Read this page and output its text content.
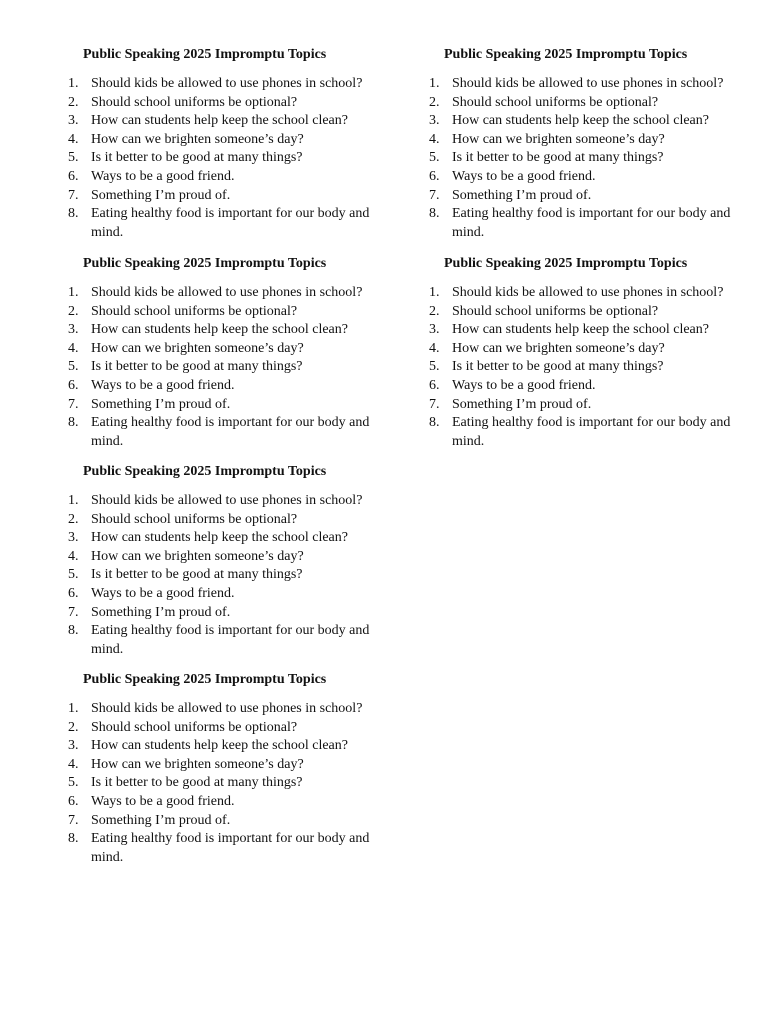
Public Speaking 2025 Impromptu Topics
1. Should kids be allowed to use phones in school?
2. Should school uniforms be optional?
3. How can students help keep the school clean?
4. How can we brighten someone’s day?
5. Is it better to be good at many things?
6. Ways to be a good friend.
7. Something I’m proud of.
8. Eating healthy food is important for our body and mind.
Public Speaking 2025 Impromptu Topics
1. Should kids be allowed to use phones in school?
2. Should school uniforms be optional?
3. How can students help keep the school clean?
4. How can we brighten someone’s day?
5. Is it better to be good at many things?
6. Ways to be a good friend.
7. Something I’m proud of.
8. Eating healthy food is important for our body and mind.
Public Speaking 2025 Impromptu Topics
1. Should kids be allowed to use phones in school?
2. Should school uniforms be optional?
3. How can students help keep the school clean?
4. How can we brighten someone’s day?
5. Is it better to be good at many things?
6. Ways to be a good friend.
7. Something I’m proud of.
8. Eating healthy food is important for our body and mind.
Public Speaking 2025 Impromptu Topics
1. Should kids be allowed to use phones in school?
2. Should school uniforms be optional?
3. How can students help keep the school clean?
4. How can we brighten someone’s day?
5. Is it better to be good at many things?
6. Ways to be a good friend.
7. Something I’m proud of.
8. Eating healthy food is important for our body and mind.
Public Speaking 2025 Impromptu Topics
1. Should kids be allowed to use phones in school?
2. Should school uniforms be optional?
3. How can students help keep the school clean?
4. How can we brighten someone’s day?
5. Is it better to be good at many things?
6. Ways to be a good friend.
7. Something I’m proud of.
8. Eating healthy food is important for our body and mind.
Public Speaking 2025 Impromptu Topics
1. Should kids be allowed to use phones in school?
2. Should school uniforms be optional?
3. How can students help keep the school clean?
4. How can we brighten someone’s day?
5. Is it better to be good at many things?
6. Ways to be a good friend.
7. Something I’m proud of.
8. Eating healthy food is important for our body and mind.
